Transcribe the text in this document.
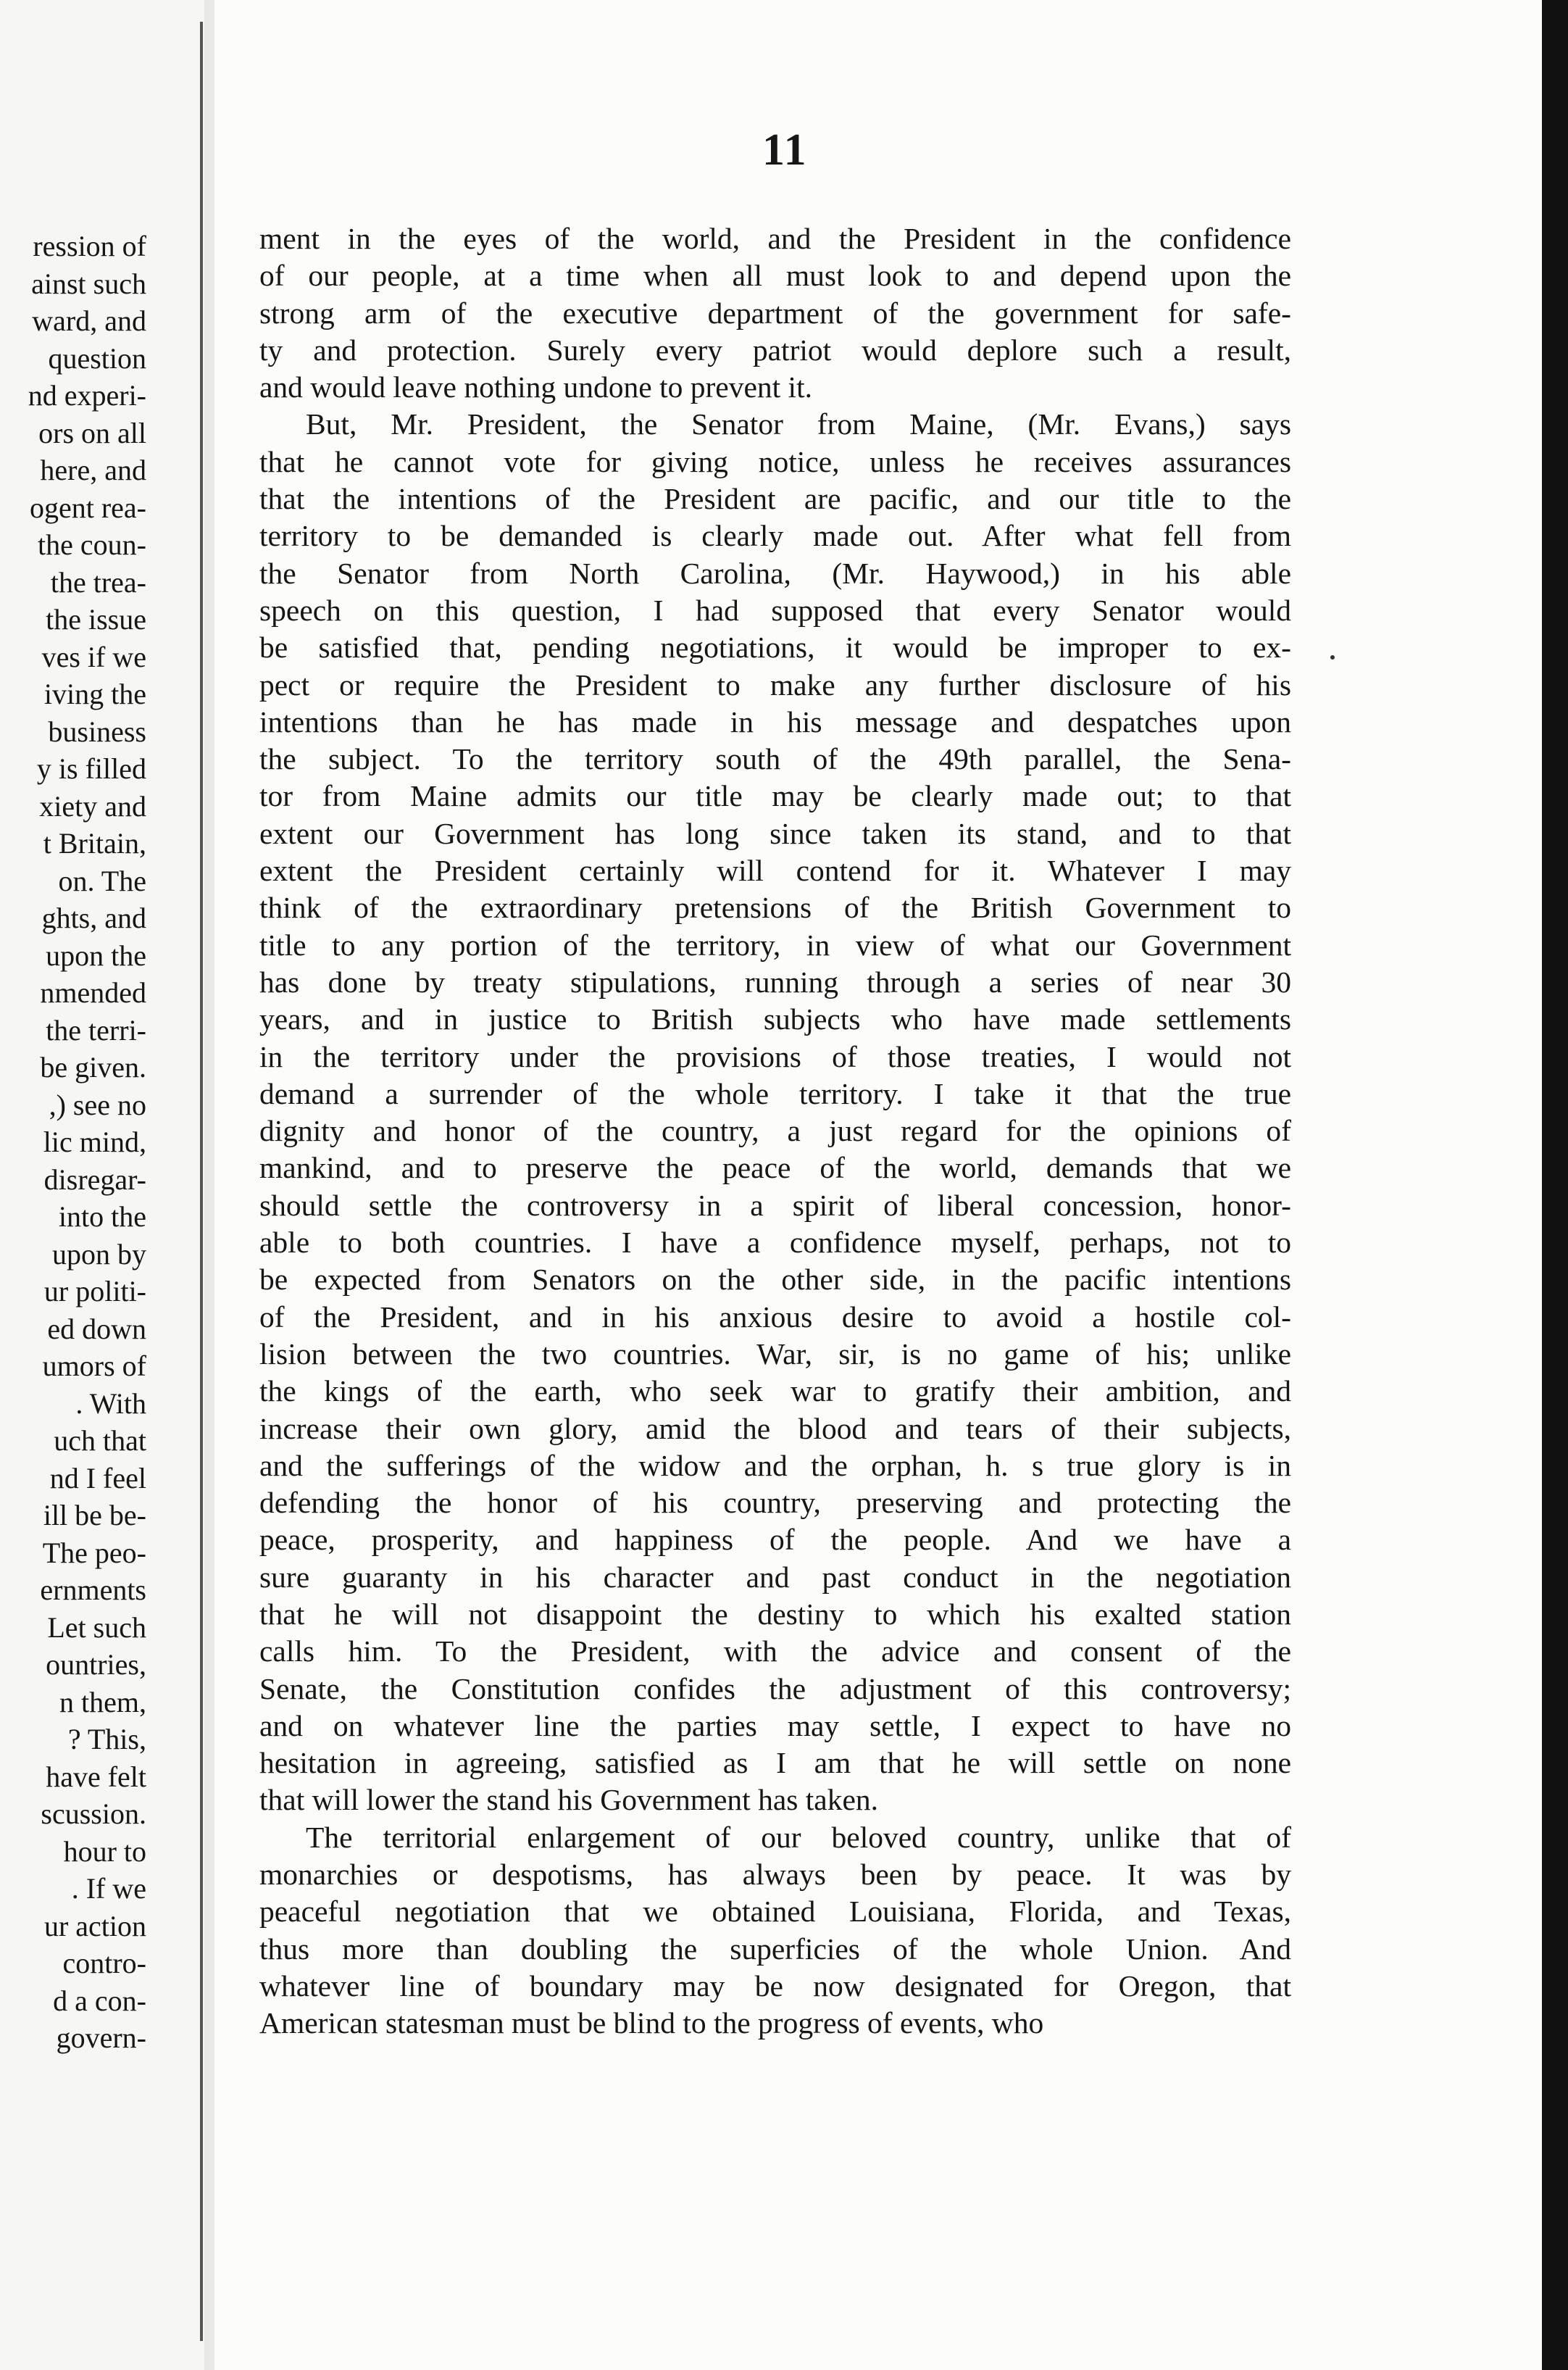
ression of
ainst such
ward, and
question
nd experi-
ors on all
here, and
ogent rea-
the coun-
the trea-
the issue
ves if we
iving the
business
y is filled
xiety and
t Britain,
on. The
ghts, and
upon the
nmended
the terri-
be given.
,) see no
lic mind,
disregar-
into the
upon by
ur politi-
ed down
umors of
. With
uch that
nd I feel
ill be be-
The peo-
ernments
Let such
ountries,
n them,
? This,
have felt
scussion.
hour to
. If we
ur action
contro-
d a con-
govern-
11
ment in the eyes of the world, and the President in the confidence
of our people, at a time when all must look to and depend upon the
strong arm of the executive department of the government for safe-
ty and protection. Surely every patriot would deplore such a result,
and would leave nothing undone to prevent it.
But, Mr. President, the Senator from Maine, (Mr. Evans,) says
that he cannot vote for giving notice, unless he receives assurances
that the intentions of the President are pacific, and our title to the
territory to be demanded is clearly made out. After what fell from
the Senator from North Carolina, (Mr. Haywood,) in his able
speech on this question, I had supposed that every Senator would
be satisfied that, pending negotiations, it would be improper to ex-
pect or require the President to make any further disclosure of his
intentions than he has made in his message and despatches upon
the subject. To the territory south of the 49th parallel, the Sena-
tor from Maine admits our title may be clearly made out; to that
extent our Government has long since taken its stand, and to that
extent the President certainly will contend for it. Whatever I may
think of the extraordinary pretensions of the British Government to
title to any portion of the territory, in view of what our Government
has done by treaty stipulations, running through a series of near 30
years, and in justice to British subjects who have made settlements
in the territory under the provisions of those treaties, I would not
demand a surrender of the whole territory. I take it that the true
dignity and honor of the country, a just regard for the opinions of
mankind, and to preserve the peace of the world, demands that we
should settle the controversy in a spirit of liberal concession, honor-
able to both countries. I have a confidence myself, perhaps, not to
be expected from Senators on the other side, in the pacific intentions
of the President, and in his anxious desire to avoid a hostile col-
lision between the two countries. War, sir, is no game of his; unlike
the kings of the earth, who seek war to gratify their ambition, and
increase their own glory, amid the blood and tears of their subjects,
and the sufferings of the widow and the orphan, h. s true glory is in
defending the honor of his country, preserving and protecting the
peace, prosperity, and happiness of the people. And we have a
sure guaranty in his character and past conduct in the negotiation
that he will not disappoint the destiny to which his exalted station
calls him. To the President, with the advice and consent of the
Senate, the Constitution confides the adjustment of this controversy;
and on whatever line the parties may settle, I expect to have no
hesitation in agreeing, satisfied as I am that he will settle on none
that will lower the stand his Government has taken.
The territorial enlargement of our beloved country, unlike that of
monarchies or despotisms, has always been by peace. It was by
peaceful negotiation that we obtained Louisiana, Florida, and Texas,
thus more than doubling the superficies of the whole Union. And
whatever line of boundary may be now designated for Oregon, that
American statesman must be blind to the progress of events, who
